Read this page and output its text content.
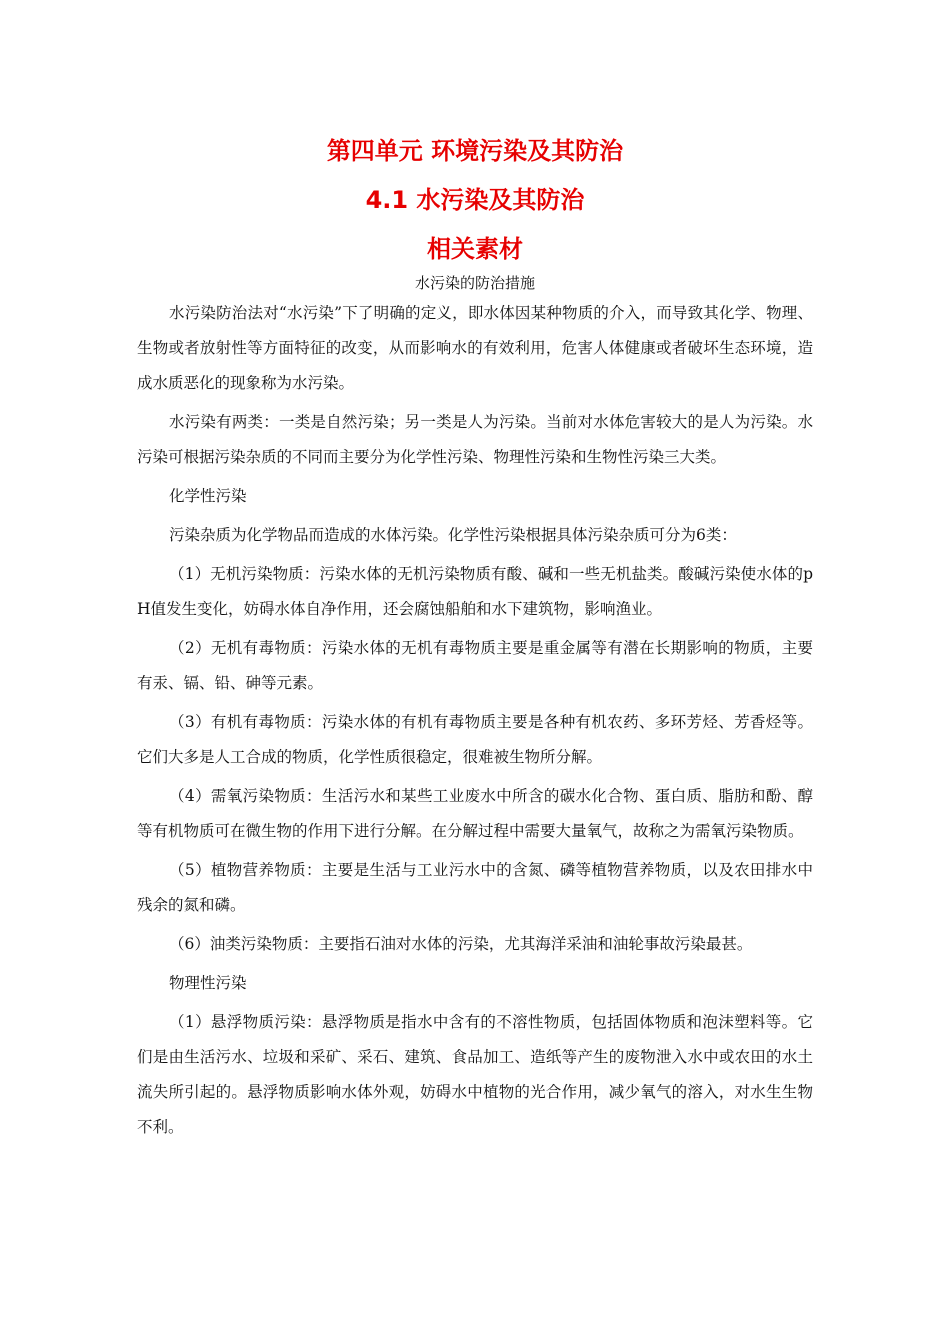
第四单元 环境污染及其防治
4.1 水污染及其防治
相关素材
水污染的防治措施

水污染防治法对“水污染”下了明确的定义，即水体因某种物质的介入，而导致其化学、物理、生物或者放射性等方面特征的改变，从而影响水的有效利用，危害人体健康或者破坏生态环境，造成水质恶化的现象称为水污染。

水污染有两类：一类是自然污染；另一类是人为污染。当前对水体危害较大的是人为污染。水污染可根据污染杂质的不同而主要分为化学性污染、物理性污染和生物性污染三大类。

化学性污染

污染杂质为化学物品而造成的水体污染。化学性污染根据具体污染杂质可分为6类：

（1）无机污染物质：污染水体的无机污染物质有酸、碱和一些无机盐类。酸碱污染使水体的pH值发生变化，妨碍水体自净作用，还会腐蚀船舶和水下建筑物，影响渔业。

（2）无机有毒物质：污染水体的无机有毒物质主要是重金属等有潜在长期影响的物质，主要有汞、镉、铅、砷等元素。

（3）有机有毒物质：污染水体的有机有毒物质主要是各种有机农药、多环芳烃、芳香烃等。它们大多是人工合成的物质，化学性质很稳定，很难被生物所分解。

（4）需氧污染物质：生活污水和某些工业废水中所含的碳水化合物、蛋白质、脂肪和酚、醇等有机物质可在微生物的作用下进行分解。在分解过程中需要大量氧气，故称之为需氧污染物质。

（5）植物营养物质：主要是生活与工业污水中的含氮、磷等植物营养物质，以及农田排水中残余的氮和磷。

（6）油类污染物质：主要指石油对水体的污染，尤其海洋采油和油轮事故污染最甚。

物理性污染

（1）悬浮物质污染：悬浮物质是指水中含有的不溶性物质，包括固体物质和泡沫塑料等。它们是由生活污水、垃圾和采矿、采石、建筑、食品加工、造纸等产生的废物泄入水中或农田的水土流失所引起的。悬浮物质影响水体外观，妨碍水中植物的光合作用，减少氧气的溶入，对水生生物不利。
